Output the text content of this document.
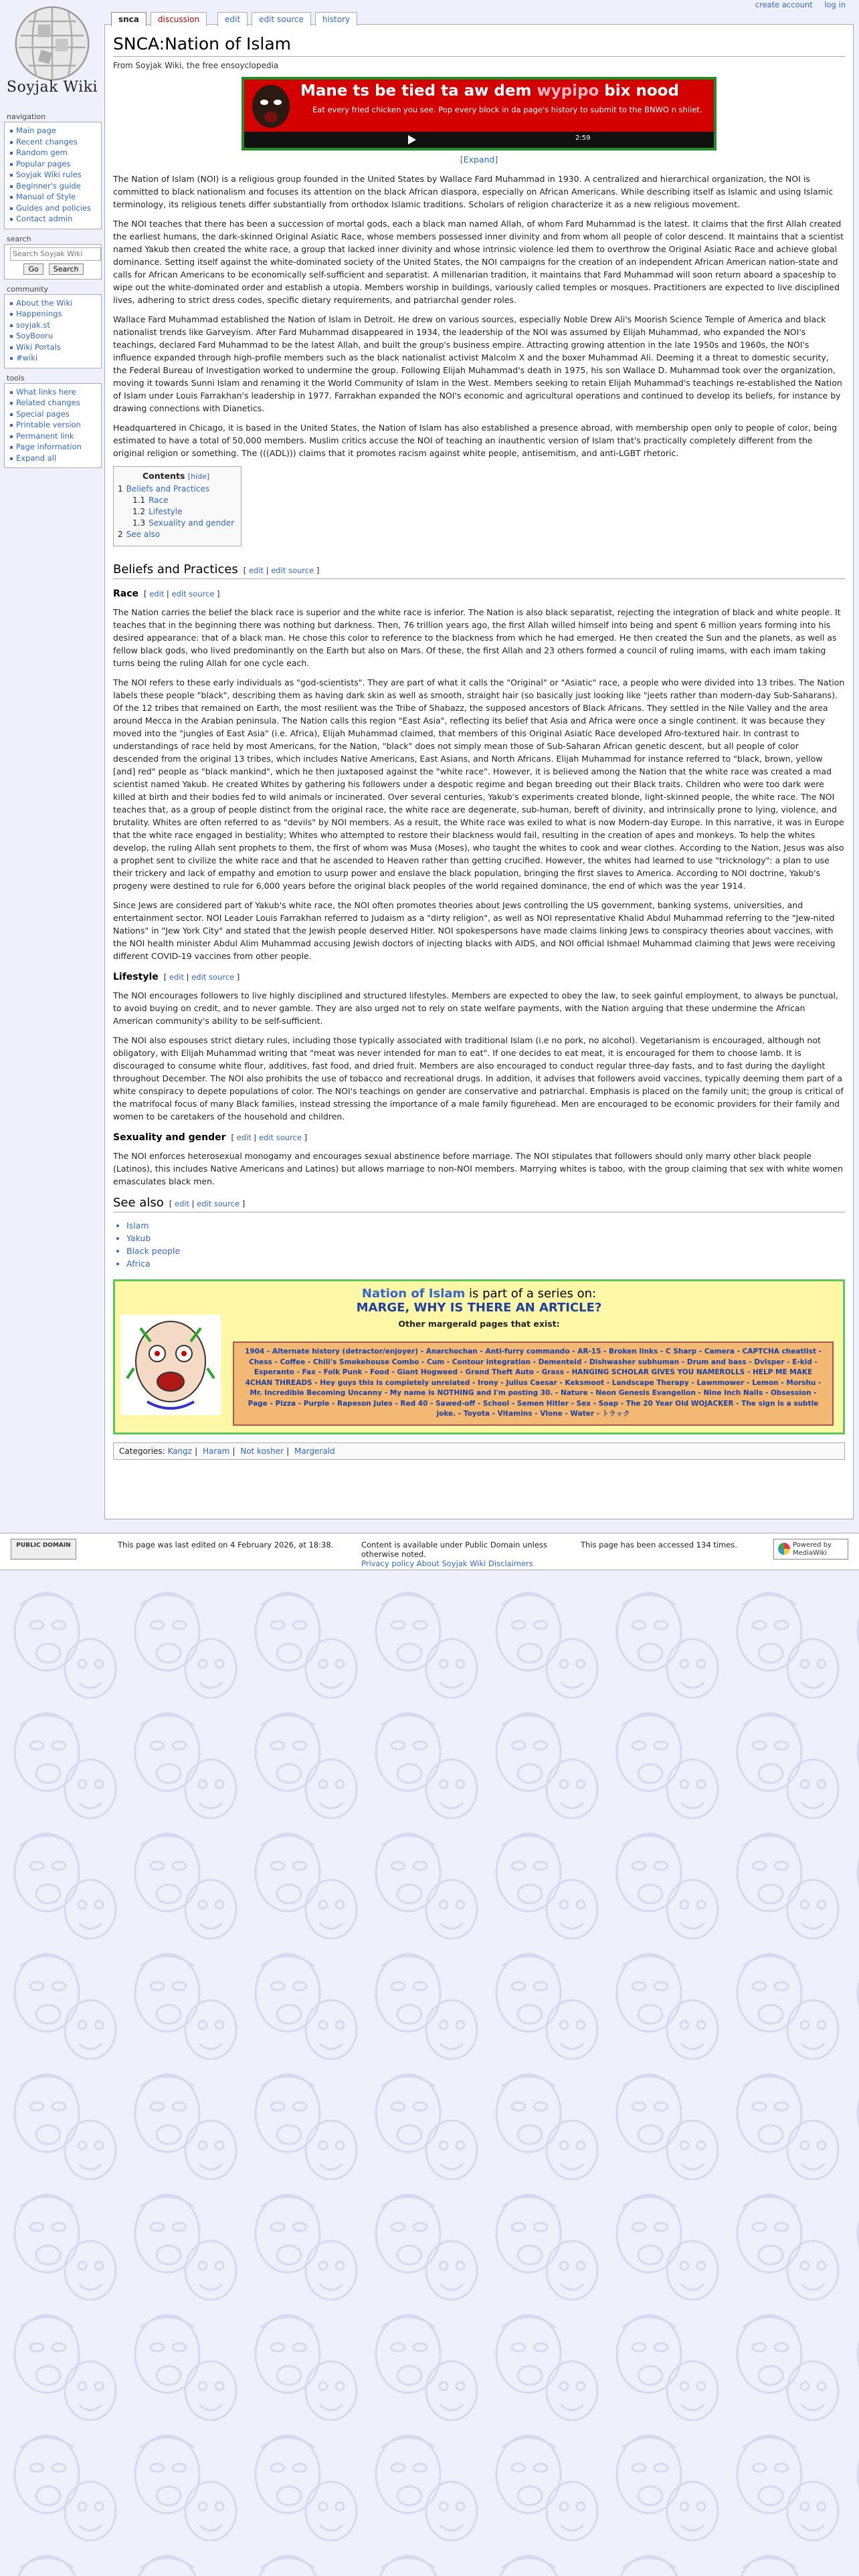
create account log in
Soyjak Wiki
snca	discussion	edit	edit source	history
navigation
Main page
Recent changes
Random gem
Popular pages
Soyjak Wiki rules
Beginner's guide
Manual of Style
Guides and policies
Contact admin
search
Search Soyjak Wiki
Go Search
community
About the Wiki
Happenings
soyjak.st
SoyBooru
Wiki Portals
#wiki
tools
What links here
Related changes
Special pages
Printable version
Permanent link
Page information
Expand all
SNCA:Nation of Islam
From Soyjak Wiki, the free ensoyclopedia
Mane ts be tied ta aw dem wypipo bix nood
Eat every fried chicken you see. Pop every block in da page's history to submit to the BNWO n shiiet.
2:59
[Expand]

The Nation of Islam (NOI) is a religious group founded in the United States by Wallace Fard Muhammad in 1930. A centralized and hierarchical organization, the NOI is committed to black nationalism and focuses its attention on the black African diaspora, especially on African Americans. While describing itself as Islamic and using Islamic terminology, its religious tenets differ substantially from orthodox Islamic traditions. Scholars of religion characterize it as a new religious movement.

The NOI teaches that there has been a succession of mortal gods, each a black man named Allah, of whom Fard Muhammad is the latest. It claims that the first Allah created the earliest humans, the dark-skinned Original Asiatic Race, whose members possessed inner divinity and from whom all people of color descend. It maintains that a scientist named Yakub then created the white race, a group that lacked inner divinity and whose intrinsic violence led them to overthrow the Original Asiatic Race and achieve global dominance. Setting itself against the white-dominated society of the United States, the NOI campaigns for the creation of an independent African American nation-state and calls for African Americans to be economically self-sufficient and separatist. A millenarian tradition, it maintains that Fard Muhammad will soon return aboard a spaceship to wipe out the white-dominated order and establish a utopia. Members worship in buildings, variously called temples or mosques. Practitioners are expected to live disciplined lives, adhering to strict dress codes, specific dietary requirements, and patriarchal gender roles.

Wallace Fard Muhammad established the Nation of Islam in Detroit. He drew on various sources, especially Noble Drew Ali's Moorish Science Temple of America and black nationalist trends like Garveyism. After Fard Muhammad disappeared in 1934, the leadership of the NOI was assumed by Elijah Muhammad, who expanded the NOI's teachings, declared Fard Muhammad to be the latest Allah, and built the group's business empire. Attracting growing attention in the late 1950s and 1960s, the NOI's influence expanded through high-profile members such as the black nationalist activist Malcolm X and the boxer Muhammad Ali. Deeming it a threat to domestic security, the Federal Bureau of Investigation worked to undermine the group. Following Elijah Muhammad's death in 1975, his son Wallace D. Muhammad took over the organization, moving it towards Sunni Islam and renaming it the World Community of Islam in the West. Members seeking to retain Elijah Muhammad's teachings re-established the Nation of Islam under Louis Farrakhan's leadership in 1977. Farrakhan expanded the NOI's economic and agricultural operations and continued to develop its beliefs, for instance by drawing connections with Dianetics.

Headquartered in Chicago, it is based in the United States, the Nation of Islam has also established a presence abroad, with membership open only to people of color, being estimated to have a total of 50,000 members. Muslim critics accuse the NOI of teaching an inauthentic version of Islam that's practically completely different from the original religion or something. The (((ADL))) claims that it promotes racism against white people, antisemitism, and anti-LGBT rhetoric.

Contents [hide]
1 Beliefs and Practices
1.1 Race
1.2 Lifestyle
1.3 Sexuality and gender
2 See also
Beliefs and Practices [ edit | edit source ]
Race [ edit | edit source ]

The Nation carries the belief the black race is superior and the white race is inferior. The Nation is also black separatist, rejecting the integration of black and white people. It teaches that in the beginning there was nothing but darkness. Then, 76 trillion years ago, the first Allah willed himself into being and spent 6 million years forming into his desired appearance: that of a black man. He chose this color to reference to the blackness from which he had emerged. He then created the Sun and the planets, as well as fellow black gods, who lived predominantly on the Earth but also on Mars. Of these, the first Allah and 23 others formed a council of ruling imams, with each imam taking turns being the ruling Allah for one cycle each.

The NOI refers to these early individuals as "god-scientists". They are part of what it calls the "Original" or "Asiatic" race, a people who were divided into 13 tribes. The Nation labels these people "black", describing them as having dark skin as well as smooth, straight hair (so basically just looking like "jeets rather than modern-day Sub-Saharans). Of the 12 tribes that remained on Earth, the most resilient was the Tribe of Shabazz, the supposed ancestors of Black Africans. They settled in the Nile Valley and the area around Mecca in the Arabian peninsula. The Nation calls this region "East Asia", reflecting its belief that Asia and Africa were once a single continent. It was because they moved into the "jungles of East Asia" (i.e. Africa), Elijah Muhammad claimed, that members of this Original Asiatic Race developed Afro-textured hair. In contrast to understandings of race held by most Americans, for the Nation, "black" does not simply mean those of Sub-Saharan African genetic descent, but all people of color descended from the original 13 tribes, which includes Native Americans, East Asians, and North Africans. Elijah Muhammad for instance referred to "black, brown, yellow [and] red" people as "black mankind", which he then juxtaposed against the "white race". However, it is believed among the Nation that the white race was created a mad scientist named Yakub. He created Whites by gathering his followers under a despotic regime and began breeding out their Black traits. Children who were too dark were killed at birth and their bodies fed to wild animals or incinerated. Over several centuries, Yakub's experiments created blonde, light-skinned people, the white race. The NOI teaches that, as a group of people distinct from the original race, the white race are degenerate, sub-human, bereft of divinity, and intrinsically prone to lying, violence, and brutality. Whites are often referred to as "devils" by NOI members. As a result, the White race was exiled to what is now Modern-day Europe. In this narrative, it was in Europe that the white race engaged in bestiality; Whites who attempted to restore their blackness would fail, resulting in the creation of apes and monkeys. To help the whites develop, the ruling Allah sent prophets to them, the first of whom was Musa (Moses), who taught the whites to cook and wear clothes. According to the Nation, Jesus was also a prophet sent to civilize the white race and that he ascended to Heaven rather than getting crucified. However, the whites had learned to use "tricknology": a plan to use their trickery and lack of empathy and emotion to usurp power and enslave the black population, bringing the first slaves to America. According to NOI doctrine, Yakub's progeny were destined to rule for 6,000 years before the original black peoples of the world regained dominance, the end of which was the year 1914.

Since Jews are considered part of Yakub's white race, the NOI often promotes theories about Jews controlling the US government, banking systems, universities, and entertainment sector. NOI Leader Louis Farrakhan referred to Judaism as a "dirty religion", as well as NOI representative Khalid Abdul Muhammad referring to the "Jew-nited Nations" in "Jew York City" and stated that the Jewish people deserved Hitler. NOI spokespersons have made claims linking Jews to conspiracy theories about vaccines, with the NOI health minister Abdul Alim Muhammad accusing Jewish doctors of injecting blacks with AIDS, and NOI official Ishmael Muhammad claiming that Jews were receiving different COVID-19 vaccines from other people.

Lifestyle [ edit | edit source ]

The NOI encourages followers to live highly disciplined and structured lifestyles. Members are expected to obey the law, to seek gainful employment, to always be punctual, to avoid buying on credit, and to never gamble. They are also urged not to rely on state welfare payments, with the Nation arguing that these undermine the African American community's ability to be self-sufficient.

The NOI also espouses strict dietary rules, including those typically associated with traditional Islam (i.e no pork, no alcohol). Vegetarianism is encouraged, although not obligatory, with Elijah Muhammad writing that "meat was never intended for man to eat". If one decides to eat meat, it is encouraged for them to choose lamb. It is discouraged to consume white flour, additives, fast food, and dried fruit. Members are also encouraged to conduct regular three-day fasts, and to fast during the daylight throughout December. The NOI also prohibits the use of tobacco and recreational drugs. In addition, it advises that followers avoid vaccines, typically deeming them part of a white conspiracy to depete populations of color. The NOI's teachings on gender are conservative and patriarchal. Emphasis is placed on the family unit; the group is critical of the matrifocal focus of many Black families, instead stressing the importance of a male family figurehead. Men are encouraged to be economic providers for their family and women to be caretakers of the household and children.

Sexuality and gender [ edit | edit source ]

The NOI enforces heterosexual monogamy and encourages sexual abstinence before marriage. The NOI stipulates that followers should only marry other black people (Latinos), this includes Native Americans and Latinos) but allows marriage to non-NOI members. Marrying whites is taboo, with the group claiming that sex with white women emasculates black men.

See also [ edit | edit source ]
• Islam
• Yakub
• Black people
• Africa
Nation of Islam is part of a series on:
MARGE, WHY IS THERE AN ARTICLE?
Other margerald pages that exist:
1904 - Alternate history (detractor/enjoyer) - Anarchochan - Anti-furry commando - AR-15 - Broken links - C Sharp - Camera - CAPTCHA cheatlist - Chess - Coffee - Chili's Smokehouse Combo - Cum - Contour integration - Dementeid - Dishwasher subhuman - Drum and bass - Dvlsper - E-kid - Esperanto - Fax - Folk Punk - Food - Giant Hogweed - Grand Theft Auto - Grass - HANGING SCHOLAR GIVES YOU NAMEROLLS - HELP ME MAKE 4CHAN THREADS - Hey guys this is completely unrelated - Irony - Julius Caesar - Keksmoot - Landscape Therapy - Lawnmower - Lemon - Morshu - Mr. Incredible Becoming Uncanny - My name is NOTHING and I'm posting 30. - Nature - Neon Genesis Evangelion - Nine Inch Nails - Obsession - Page - Pizza - Purple - Rapeson Jules - Red 40 - Sawed-off - School - Semen Hitler - Sex - Soap - The 20 Year Old WOJACKER - The sign is a subtle joke. - Toyota - Vitamins - Vlone - Water - トラック
Categories: Kangz | Haram | Not kosher | Margerald
PUBLIC DOMAIN	This page was last edited on 4 February 2026, at 18:38.	Content is available under Public Domain unless otherwise noted.
Privacy policy About Soyjak Wiki Disclaimers
This page has been accessed 134 times.	Powered by MediaWiki
